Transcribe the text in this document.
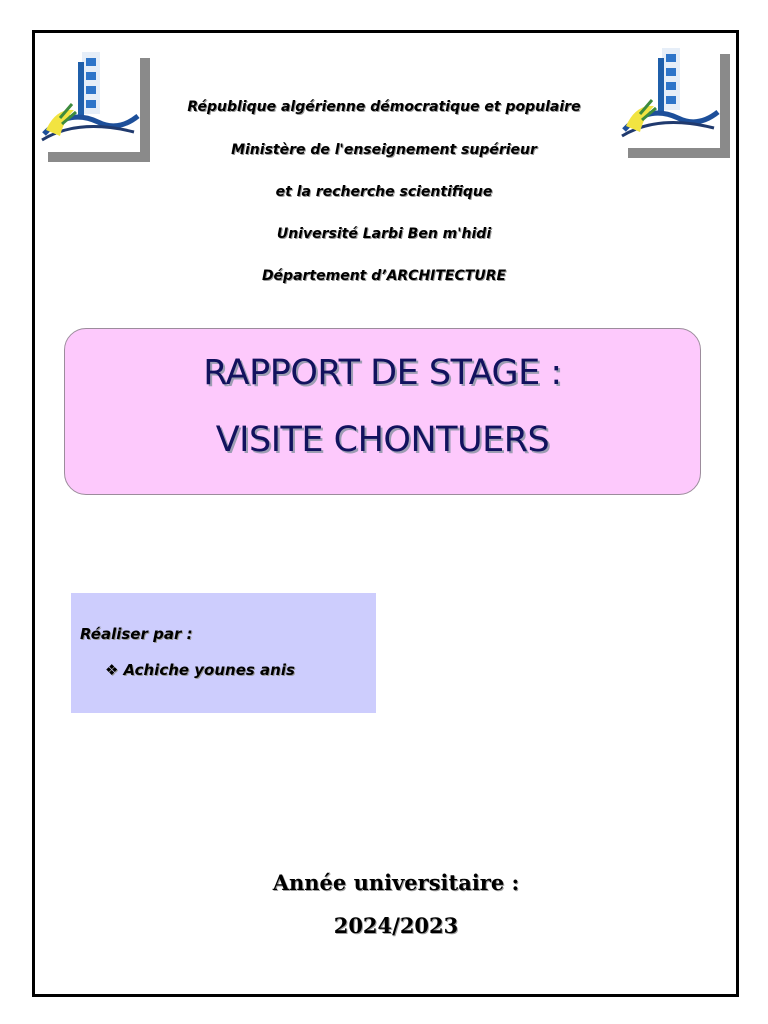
République algérienne démocratique et populaire
Ministère de l'enseignement supérieur
et la recherche scientifique
Université Larbi Ben m'hidi
Département d’ARCHITECTURE
RAPPORT DE STAGE :
VISITE CHONTUERS
Réaliser par :
❖ Achiche younes anis
Année universitaire :
2024/2023
